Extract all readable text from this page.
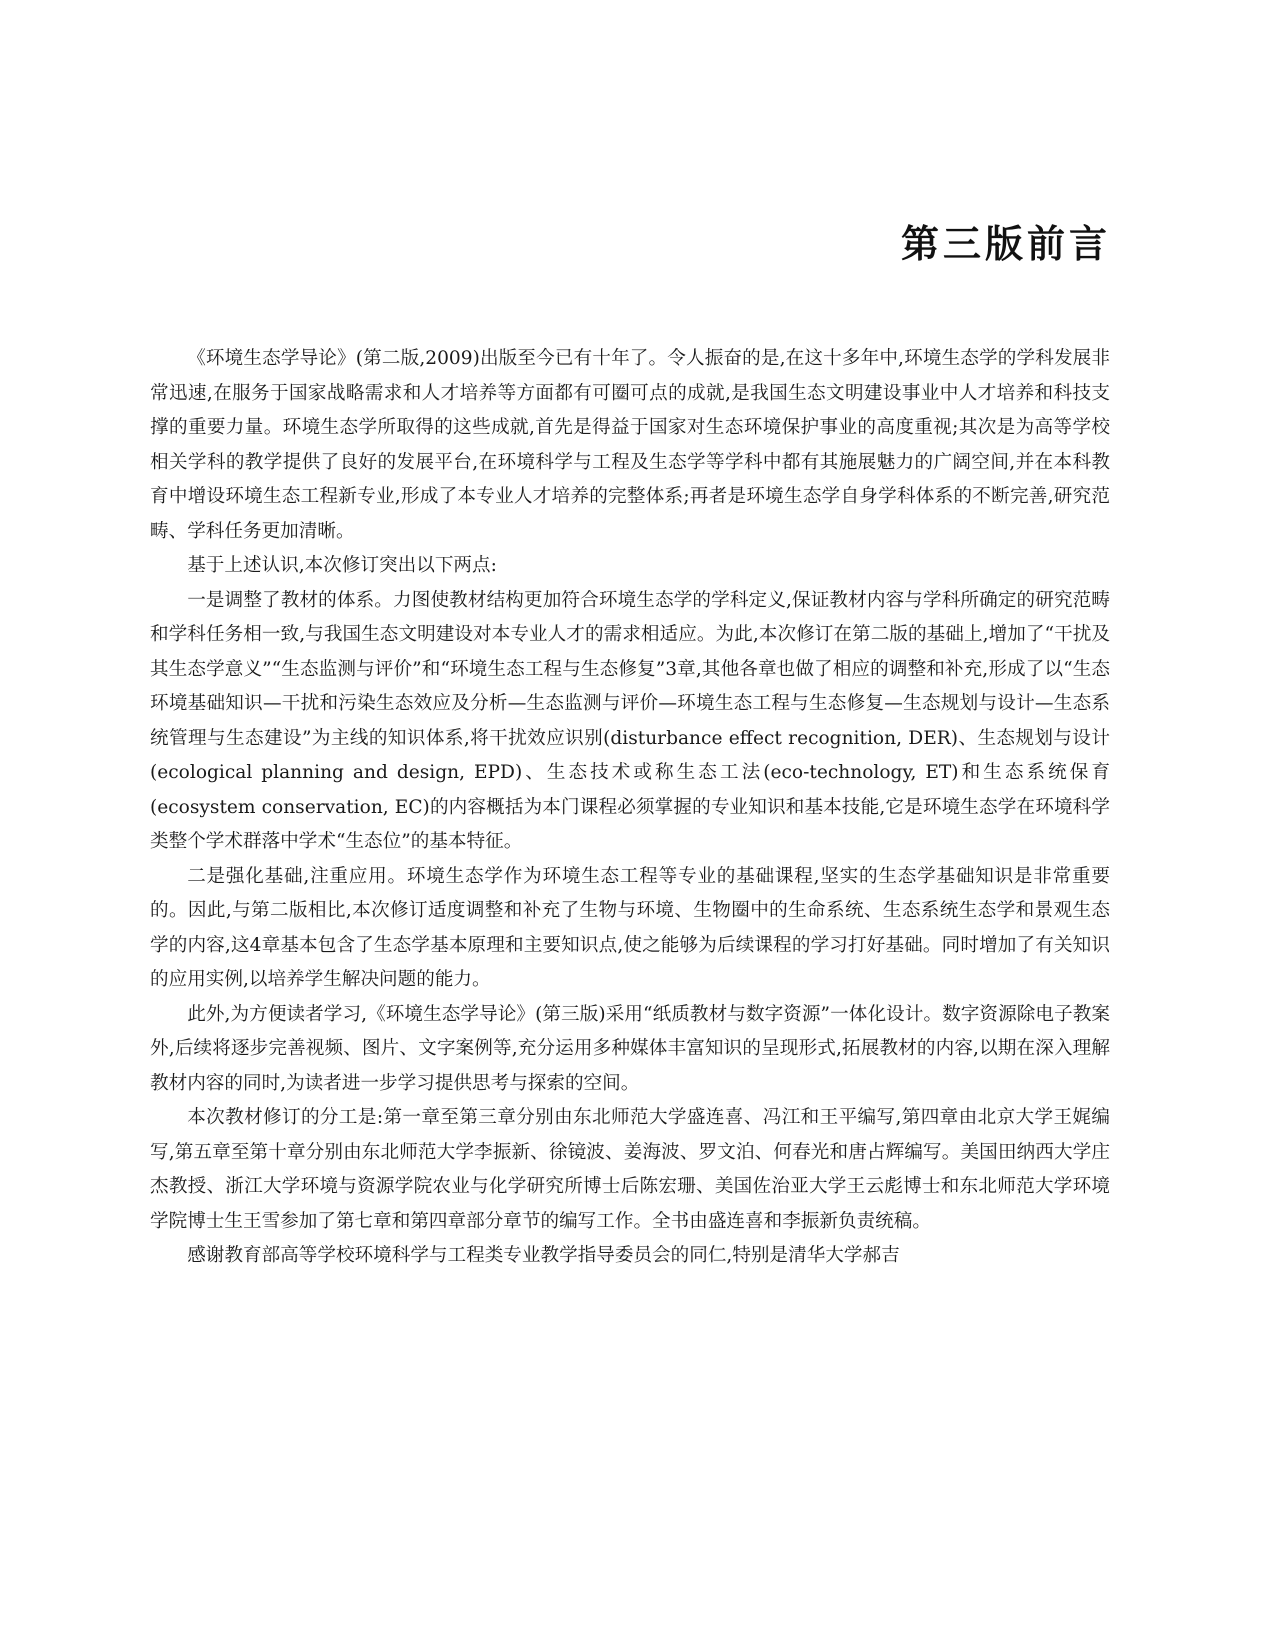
第三版前言

《环境生态学导论》(第二版,2009)出版至今已有十年了。令人振奋的是,在这十多年中,环境生态学的学科发展非常迅速,在服务于国家战略需求和人才培养等方面都有可圈可点的成就,是我国生态文明建设事业中人才培养和科技支撑的重要力量。环境生态学所取得的这些成就,首先是得益于国家对生态环境保护事业的高度重视;其次是为高等学校相关学科的教学提供了良好的发展平台,在环境科学与工程及生态学等学科中都有其施展魅力的广阔空间,并在本科教育中增设环境生态工程新专业,形成了本专业人才培养的完整体系;再者是环境生态学自身学科体系的不断完善,研究范畴、学科任务更加清晰。

基于上述认识,本次修订突出以下两点:

一是调整了教材的体系。力图使教材结构更加符合环境生态学的学科定义,保证教材内容与学科所确定的研究范畴和学科任务相一致,与我国生态文明建设对本专业人才的需求相适应。为此,本次修订在第二版的基础上,增加了“干扰及其生态学意义”“生态监测与评价”和“环境生态工程与生态修复”3章,其他各章也做了相应的调整和补充,形成了以“生态环境基础知识—干扰和污染生态效应及分析—生态监测与评价—环境生态工程与生态修复—生态规划与设计—生态系统管理与生态建设”为主线的知识体系,将干扰效应识别(disturbance effect recognition, DER)、生态规划与设计(ecological planning and design, EPD)、生态技术或称生态工法(eco-technology, ET)和生态系统保育(ecosystem conservation, EC)的内容概括为本门课程必须掌握的专业知识和基本技能,它是环境生态学在环境科学类整个学术群落中学术“生态位”的基本特征。

二是强化基础,注重应用。环境生态学作为环境生态工程等专业的基础课程,坚实的生态学基础知识是非常重要的。因此,与第二版相比,本次修订适度调整和补充了生物与环境、生物圈中的生命系统、生态系统生态学和景观生态学的内容,这4章基本包含了生态学基本原理和主要知识点,使之能够为后续课程的学习打好基础。同时增加了有关知识的应用实例,以培养学生解决问题的能力。

此外,为方便读者学习,《环境生态学导论》(第三版)采用“纸质教材与数字资源”一体化设计。数字资源除电子教案外,后续将逐步完善视频、图片、文字案例等,充分运用多种媒体丰富知识的呈现形式,拓展教材的内容,以期在深入理解教材内容的同时,为读者进一步学习提供思考与探索的空间。

本次教材修订的分工是:第一章至第三章分别由东北师范大学盛连喜、冯江和王平编写,第四章由北京大学王娓编写,第五章至第十章分别由东北师范大学李振新、徐镜波、姜海波、罗文泊、何春光和唐占辉编写。美国田纳西大学庄杰教授、浙江大学环境与资源学院农业与化学研究所博士后陈宏珊、美国佐治亚大学王云彪博士和东北师范大学环境学院博士生王雪参加了第七章和第四章部分章节的编写工作。全书由盛连喜和李振新负责统稿。

感谢教育部高等学校环境科学与工程类专业教学指导委员会的同仁,特别是清华大学郝吉
